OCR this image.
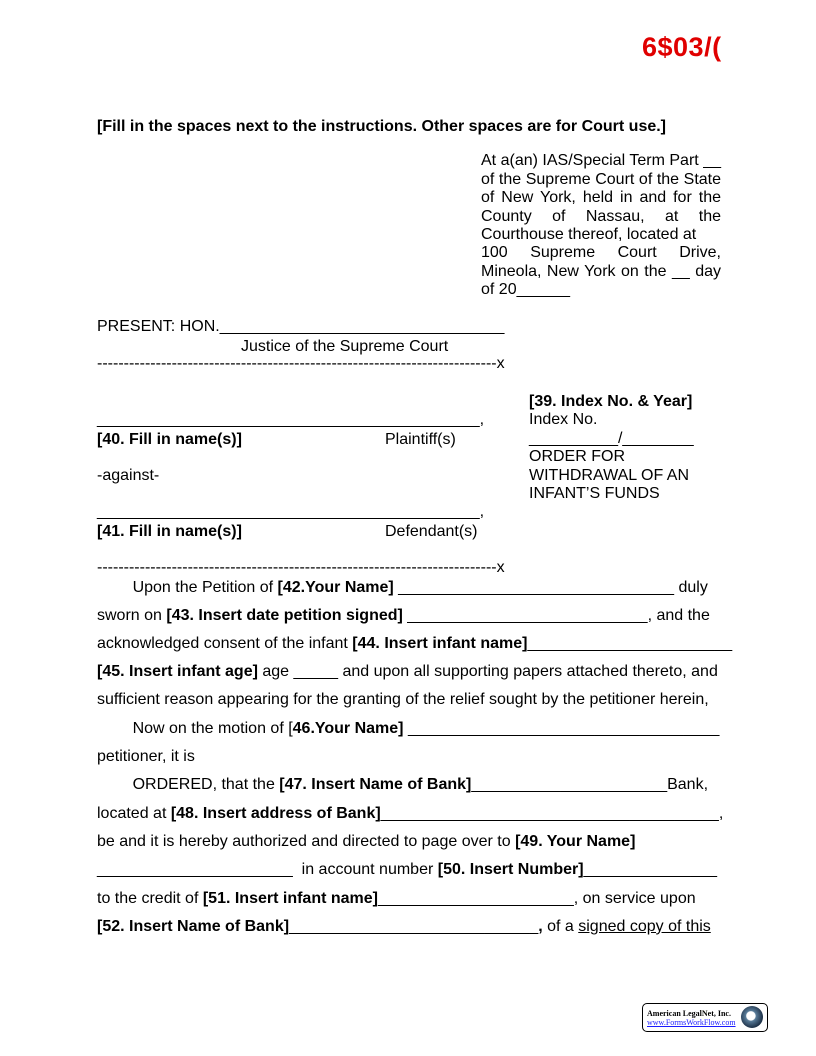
6$03/(
[Fill in the spaces next to the instructions. Other spaces are for Court use.]
At a(an) IAS/Special Term Part __
of the Supreme Court of the State
of New York, held in and for the
County of Nassau, at the
Courthouse thereof, located at
100 Supreme Court Drive,
Mineola, New York on the __ day
of 20______
PRESENT: HON.________________________________
Justice of the Supreme Court
---------------------------------------------------------------------------x
___________________________________________,
[40. Fill in name(s)]	Plaintiff(s)
-against-
___________________________________________,
[41. Fill in name(s)]	Defendant(s)
[39. Index No. & Year]
Index No.
__________/________
ORDER FOR
WITHDRAWAL OF AN
INFANT’S FUNDS
---------------------------------------------------------------------------x
Upon the Petition of [42.Your Name] _______________________________ duly
sworn on [43. Insert date petition signed] ___________________________, and the
acknowledged consent of the infant [44. Insert infant name]_______________________
[45. Insert infant age] age _____ and upon all supporting papers attached thereto, and
sufficient reason appearing for the granting of the relief sought by the petitioner herein,
Now on the motion of [46.Your Name] ___________________________________
petitioner, it is
ORDERED, that the [47. Insert Name of Bank]______________________Bank,
located at [48. Insert address of Bank]______________________________________,
be and it is hereby authorized and directed to page over to [49. Your Name]
______________________  in account number [50. Insert Number]_______________
to the credit of [51. Insert infant name]______________________, on service upon
[52. Insert Name of Bank]____________________________, of a signed copy of this
American LegalNet, Inc.
www.FormsWorkFlow.com
